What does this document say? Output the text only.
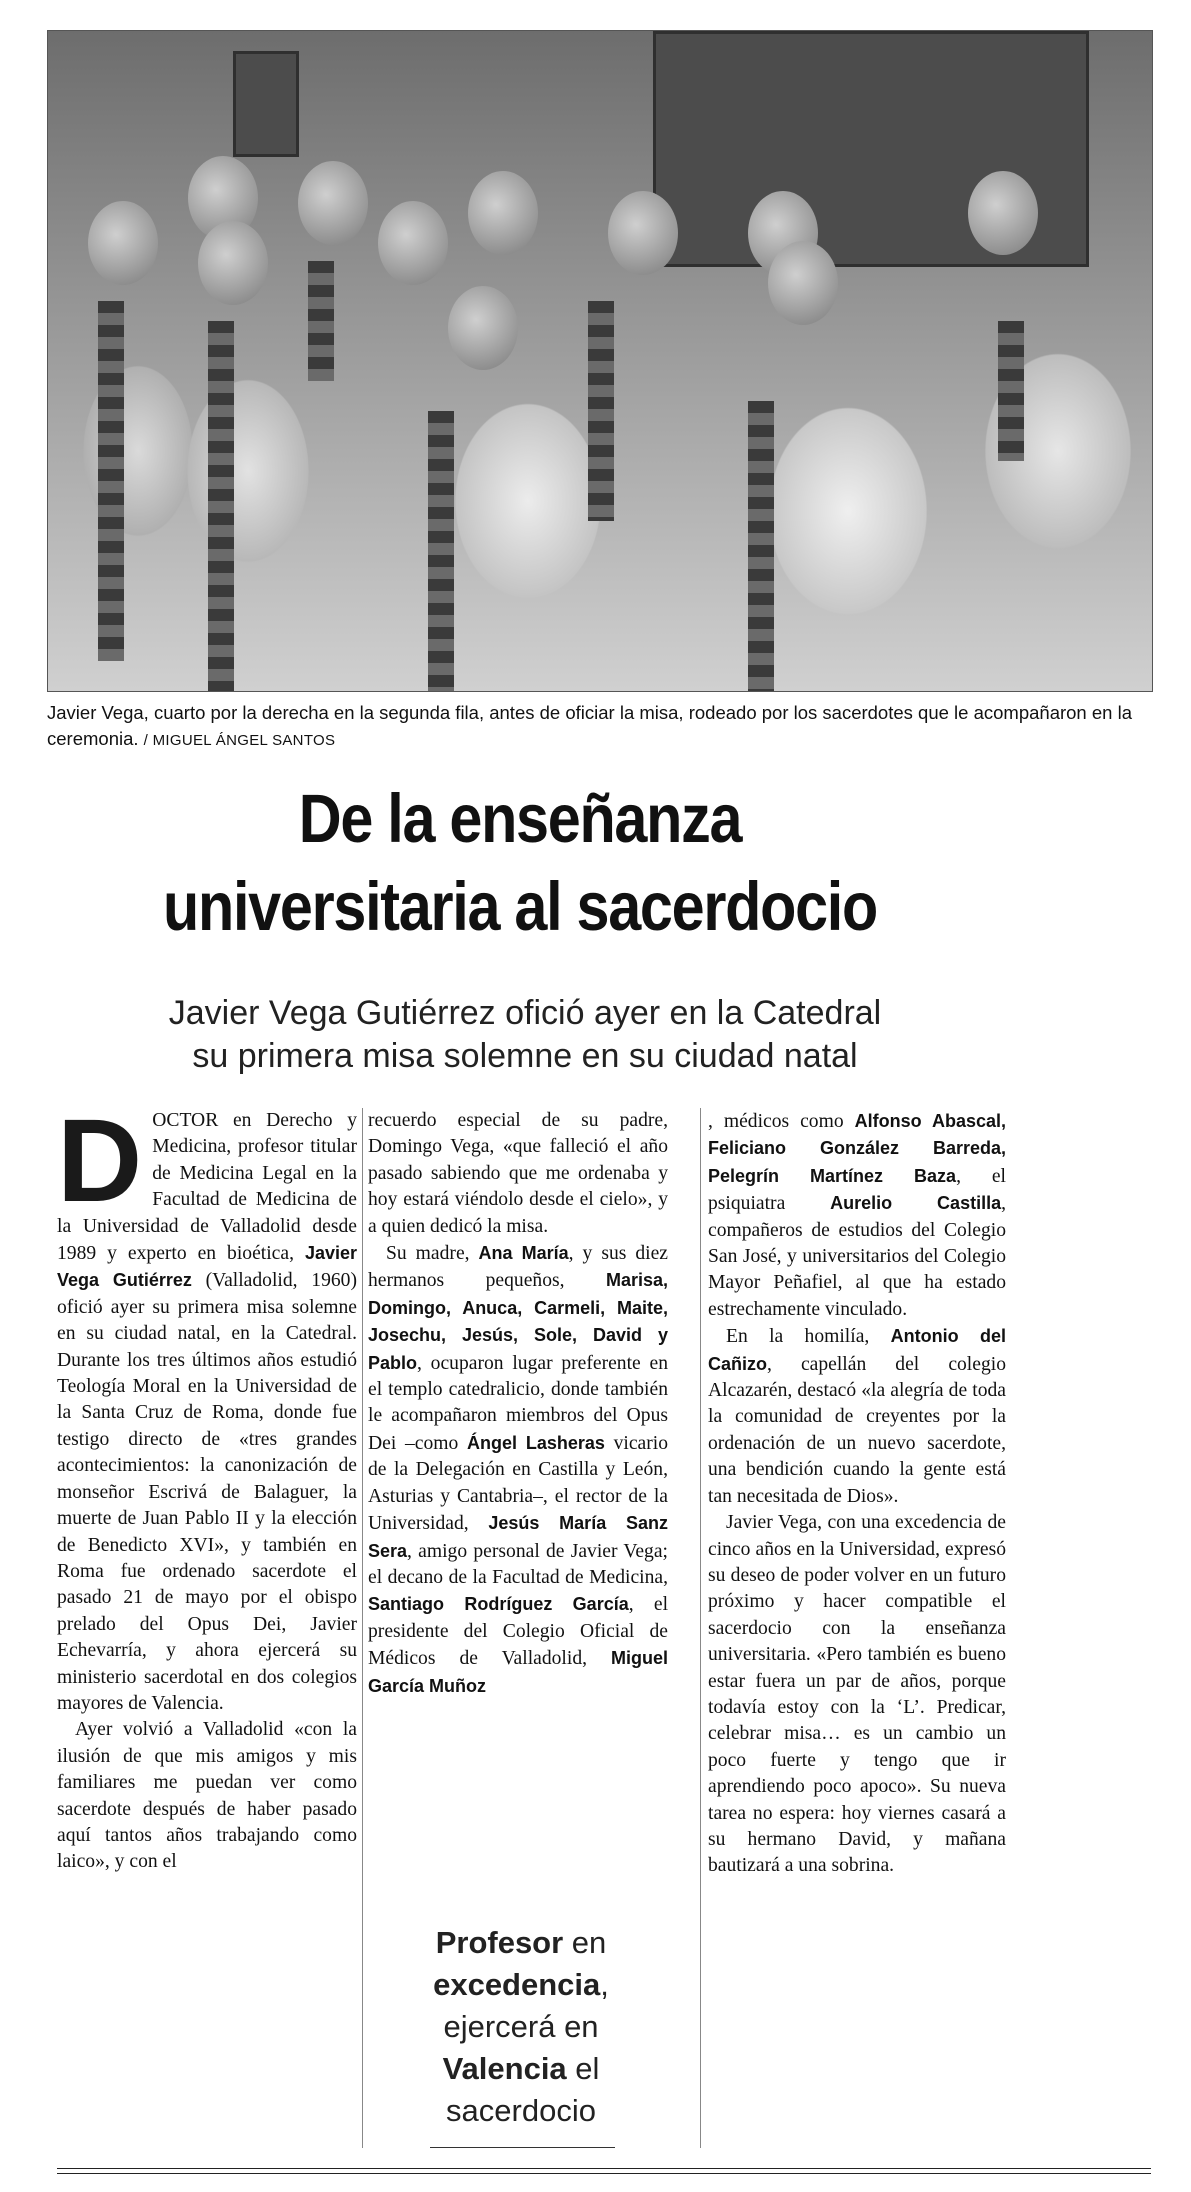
Javier Vega, cuarto por la derecha en la segunda fila, antes de oficiar la misa, rodeado por los sacerdotes que le acompañaron en la ceremonia. / MIGUEL ÁNGEL SANTOS
De la enseñanza
universitaria al sacerdocio
Javier Vega Gutiérrez ofició ayer en la Catedral
su primera misa solemne en su ciudad natal

DOCTOR en Derecho y Medicina, profesor titular de Medicina Legal en la Facultad de Medicina de la Universidad de Valladolid desde 1989 y experto en bioética, Javier Vega Gutiérrez (Valladolid, 1960) ofició ayer su primera misa solemne en su ciudad natal, en la Catedral. Durante los tres últimos años estudió Teología Moral en la Universidad de la Santa Cruz de Roma, donde fue testigo directo de «tres grandes acontecimientos: la canonización de monseñor Escrivá de Balaguer, la muerte de Juan Pablo II y la elección de Benedicto XVI», y también en Roma fue ordenado sacerdote el pasado 21 de mayo por el obispo prelado del Opus Dei, Javier Echevarría, y ahora ejercerá su ministerio sacerdotal en dos colegios mayores de Valencia.

Ayer volvió a Valladolid «con la ilusión de que mis amigos y mis familiares me puedan ver como sacerdote después de haber pasado aquí tantos años trabajando como laico», y con el

recuerdo especial de su padre, Domingo Vega, «que falleció el año pasado sabiendo que me ordenaba y hoy estará viéndolo desde el cielo», y a quien dedicó la misa.

Su madre, Ana María, y sus diez hermanos pequeños, Marisa, Domingo, Anuca, Carmeli, Maite, Josechu, Jesús, Sole, David y Pablo, ocuparon lugar preferente en el templo catedralicio, donde también le acompañaron miembros del Opus Dei –como Ángel Lasheras vicario de la Delegación en Castilla y León, Asturias y Cantabria–, el rector de la Universidad, Jesús María Sanz Sera, amigo personal de Javier Vega; el decano de la Facultad de Medicina, Santiago Rodríguez García, el presidente del Colegio Oficial de Médicos de Valladolid, Miguel García Muñoz

, médicos como Alfonso Abascal, Feliciano González Barreda, Pelegrín Martínez Baza, el psiquiatra Aurelio Castilla, compañeros de estudios del Colegio San José, y universitarios del Colegio Mayor Peñafiel, al que ha estado estrechamente vinculado.

En la homilía, Antonio del Cañizo, capellán del colegio Alcazarén, destacó «la alegría de toda la comunidad de creyentes por la ordenación de un nuevo sacerdote, una bendición cuando la gente está tan necesitada de Dios».

Javier Vega, con una excedencia de cinco años en la Universidad, expresó su deseo de poder volver en un futuro próximo y hacer compatible el sacerdocio con la enseñanza universitaria. «Pero también es bueno estar fuera un par de años, porque todavía estoy con la ‘L’. Predicar, celebrar misa… es un cambio un poco fuerte y tengo que ir aprendiendo poco apoco». Su nueva tarea no espera: hoy viernes casará a su hermano David, y mañana bautizará a una sobrina.

Profesor en excedencia, ejercerá en Valencia el sacerdocio
